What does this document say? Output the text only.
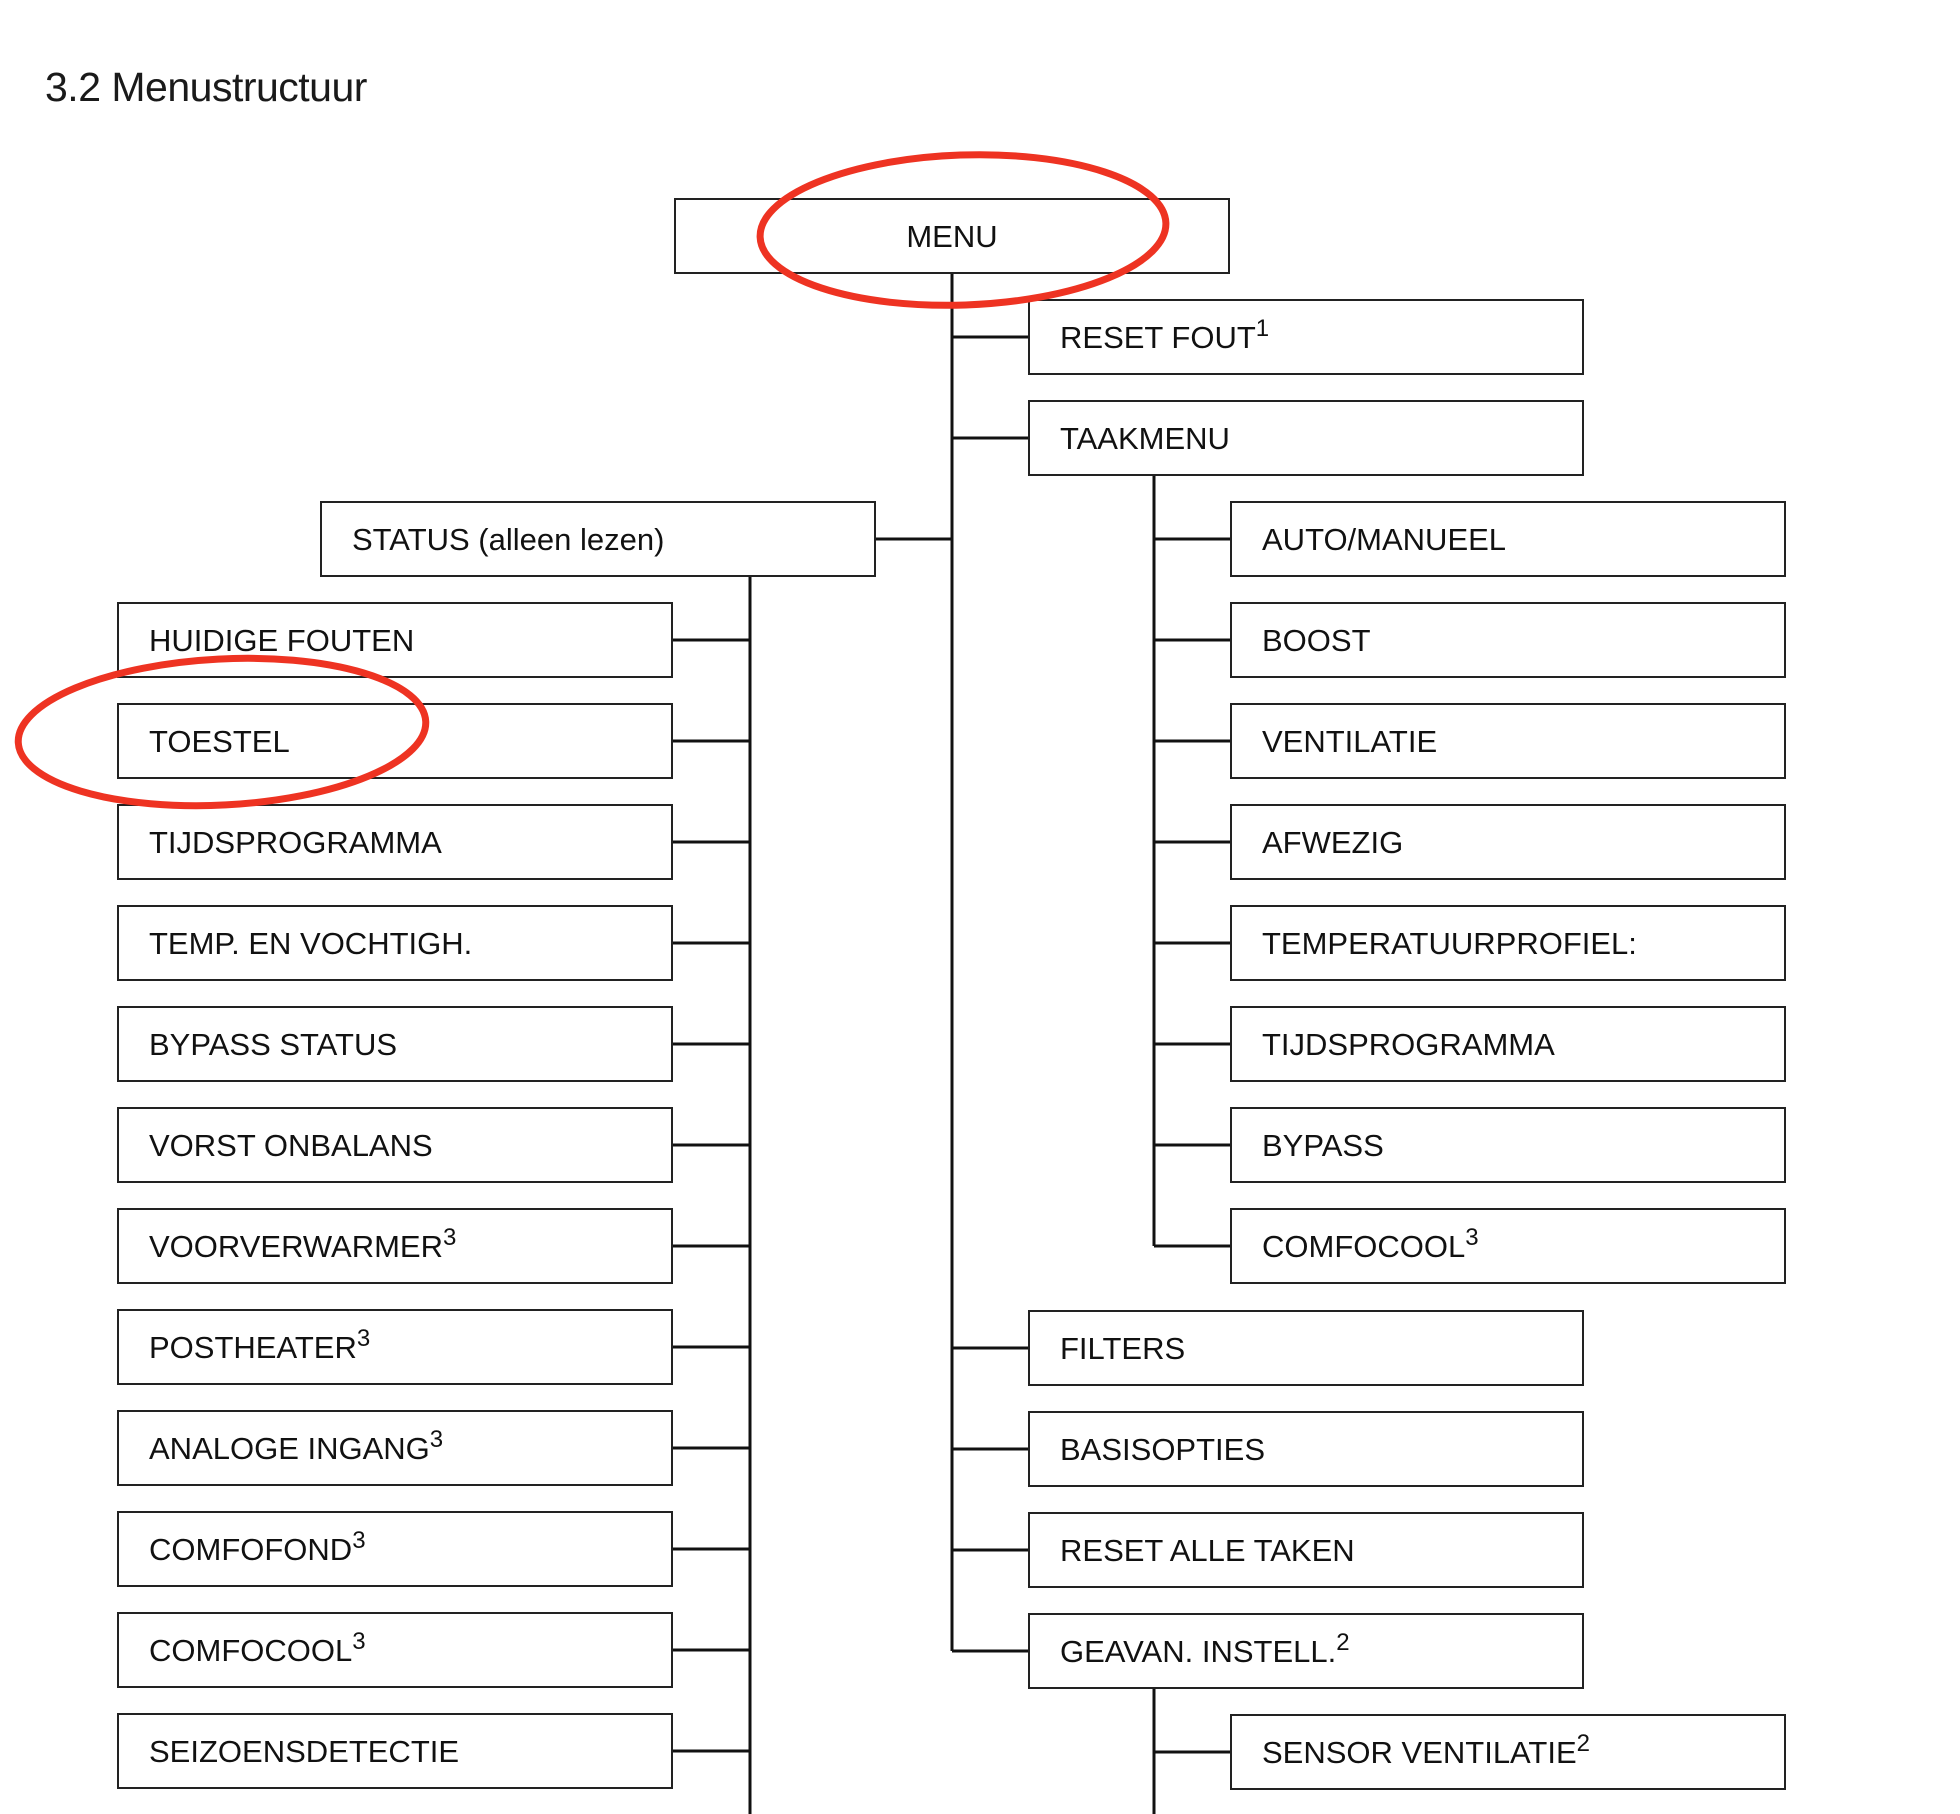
3.2 Menustructuur
MENU
RESET FOUT$^1$
TAAKMENU
STATUS (alleen lezen)
FILTERS
BASISOPTIES
RESET ALLE TAKEN
GEAVAN. INSTELL.$^2$
AUTO/MANUEEL
BOOST
VENTILATIE
AFWEZIG
TEMPERATUURPROFIEL:
TIJDSPROGRAMMA
BYPASS
COMFOCOOL$^3$
HUIDIGE FOUTEN
TOESTEL
TIJDSPROGRAMMA
TEMP. EN VOCHTIGH.
BYPASS STATUS
VORST ONBALANS
VOORVERWARMER$^3$
POSTHEATER$^3$
ANALOGE INGANG$^3$
COMFOFOND$^3$
COMFOCOOL$^3$
SEIZOENSDETECTIE	SENSOR VENTILATIE$^2$
